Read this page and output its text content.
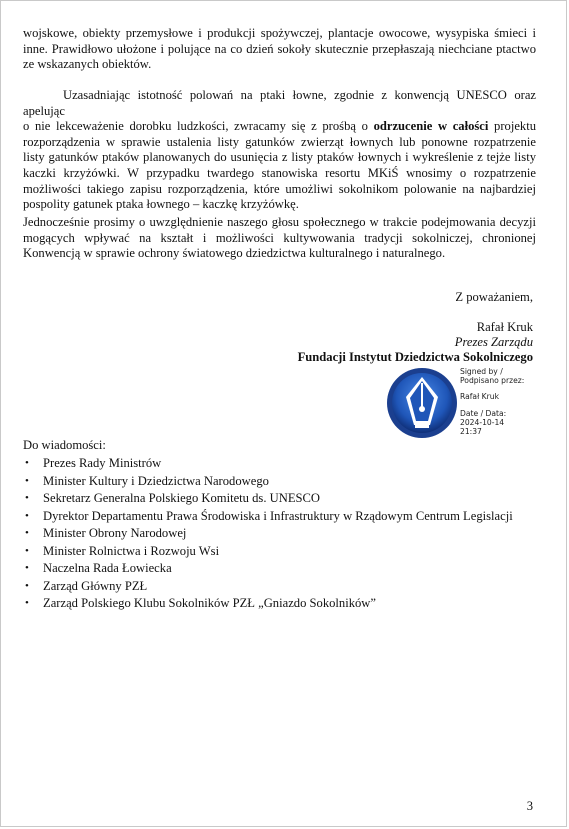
wojskowe, obiekty przemysłowe i produkcji spożywczej, plantacje owocowe, wysypiska śmieci i
inne. Prawidłowo ułożone i polujące na co dzień sokoły skutecznie przepłaszają niechciane ptactwo
ze wskazanych obiektów.
Uzasadniając istotność polowań na ptaki łowne, zgodnie z konwencją UNESCO oraz
apelując
o nie lekceważenie dorobku ludzkości, zwracamy się z prośbą o odrzucenie w całości projektu
rozporządzenia w sprawie ustalenia listy gatunków zwierząt łownych lub ponowne rozpatrzenie
listy gatunków ptaków planowanych do usunięcia z listy ptaków łownych i wykreślenie z tejże listy
kaczki krzyżówki. W przypadku twardego stanowiska resortu MKiŚ wnosimy o rozpatrzenie
możliwości takiego zapisu rozporządzenia, które umożliwi sokolnikom polowanie na najbardziej
pospolity gatunek ptaka łownego – kaczkę krzyżówkę.
Jednocześnie prosimy o uwzględnienie naszego głosu społecznego w trakcie podejmowania decyzji
mogących wpływać na kształt i możliwości kultywowania tradycji sokolniczej, chronionej
Konwencją w sprawie ochrony światowego dziedzictwa kulturalnego i naturalnego.
Z poważaniem,
Rafał Kruk
Prezes Zarządu
Fundacji Instytut Dziedzictwa Sokolniczego
Signed by /
Podpisano przez:
Rafał Kruk
Date / Data:
2024-10-14
21:37
Do wiadomości:
• Prezes Rady Ministrów
• Minister Kultury i Dziedzictwa Narodowego
• Sekretarz Generalna Polskiego Komitetu ds. UNESCO
• Dyrektor Departamentu Prawa Środowiska i Infrastruktury w Rządowym Centrum Legislacji
• Minister Obrony Narodowej
• Minister Rolnictwa i Rozwoju Wsi
• Naczelna Rada Łowiecka
• Zarząd Główny PZŁ
• Zarząd Polskiego Klubu Sokolników PZŁ „Gniazdo Sokolników”
3
